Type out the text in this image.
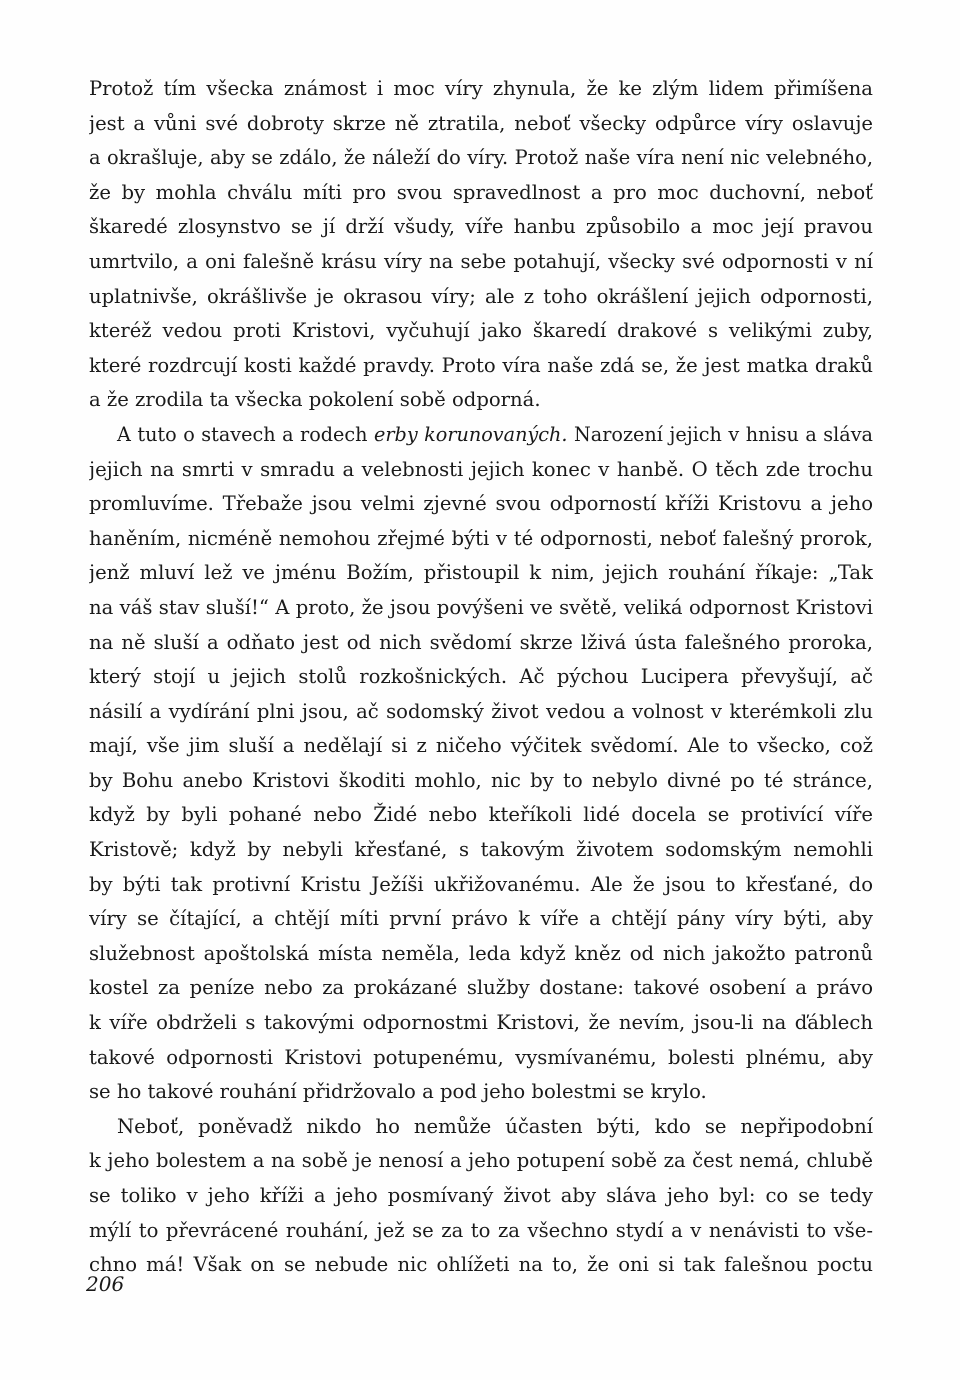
Protož tím všecka známost i moc víry zhynula, že ke zlým lidem přimíšena
jest a vůni své dobroty skrze ně ztratila, neboť všecky odpůrce víry oslavuje
a okrašluje, aby se zdálo, že náleží do víry. Protož naše víra není nic velebného,
že by mohla chválu míti pro svou spravedlnost a pro moc duchovní, neboť
škaredé zlosynstvo se jí drží všudy, víře hanbu způsobilo a moc její pravou
umrtvilo, a oni falešně krásu víry na sebe potahují, všecky své odpornosti v ní
uplatnivše, okrášlivše je okrasou víry; ale z toho okrášlení jejich odpornosti,
kteréž vedou proti Kristovi, vyčuhují jako škaredí drakové s velikými zuby,
které rozdrcují kosti každé pravdy. Proto víra naše zdá se, že jest matka draků
a že zrodila ta všecka pokolení sobě odporná.
A tuto o stavech a rodech erby korunovaných. Narození jejich v hnisu a sláva
jejich na smrti v smradu a velebnosti jejich konec v hanbě. O těch zde trochu
promluvíme. Třebaže jsou velmi zjevné svou odporností kříži Kristovu a jeho
haněním, nicméně nemohou zřejmé býti v té odpornosti, neboť falešný prorok,
jenž mluví lež ve jménu Božím, přistoupil k nim, jejich rouhání říkaje: „Tak
na váš stav sluší!“ A proto, že jsou povýšeni ve světě, veliká odpornost Kristovi
na ně sluší a odňato jest od nich svědomí skrze lživá ústa falešného proroka,
který stojí u jejich stolů rozkošnických. Ač pýchou Lucipera převyšují, ač
násilí a vydírání plni jsou, ač sodomský život vedou a volnost v kterémkoli zlu
mají, vše jim sluší a nedělají si z ničeho výčitek svědomí. Ale to všecko, což
by Bohu anebo Kristovi škoditi mohlo, nic by to nebylo divné po té stránce,
když by byli pohané nebo Židé nebo kteříkoli lidé docela se protivící víře
Kristově; když by nebyli křesťané, s takovým životem sodomským nemohli
by býti tak protivní Kristu Ježíši ukřižovanému. Ale že jsou to křesťané, do
víry se čítající, a chtějí míti první právo k víře a chtějí pány víry býti, aby
služebnost apoštolská místa neměla, leda když kněz od nich jakožto patronů
kostel za peníze nebo za prokázané služby dostane: takové osobení a právo
k víře obdrželi s takovými odpornostmi Kristovi, že nevím, jsou-li na ďáblech
takové odpornosti Kristovi potupenému, vysmívanému, bolesti plnému, aby
se ho takové rouhání přidržovalo a pod jeho bolestmi se krylo.
Neboť, poněvadž nikdo ho nemůže účasten býti, kdo se nepřipodobní
k jeho bolestem a na sobě je nenosí a jeho potupení sobě za čest nemá, chlubě
se toliko v jeho kříži a jeho posmívaný život aby sláva jeho byl: co se tedy
mýlí to převrácené rouhání, jež se za to za všechno stydí a v nenávisti to vše-
chno má! Však on se nebude nic ohlížeti na to, že oni si tak falešnou poctu
206
